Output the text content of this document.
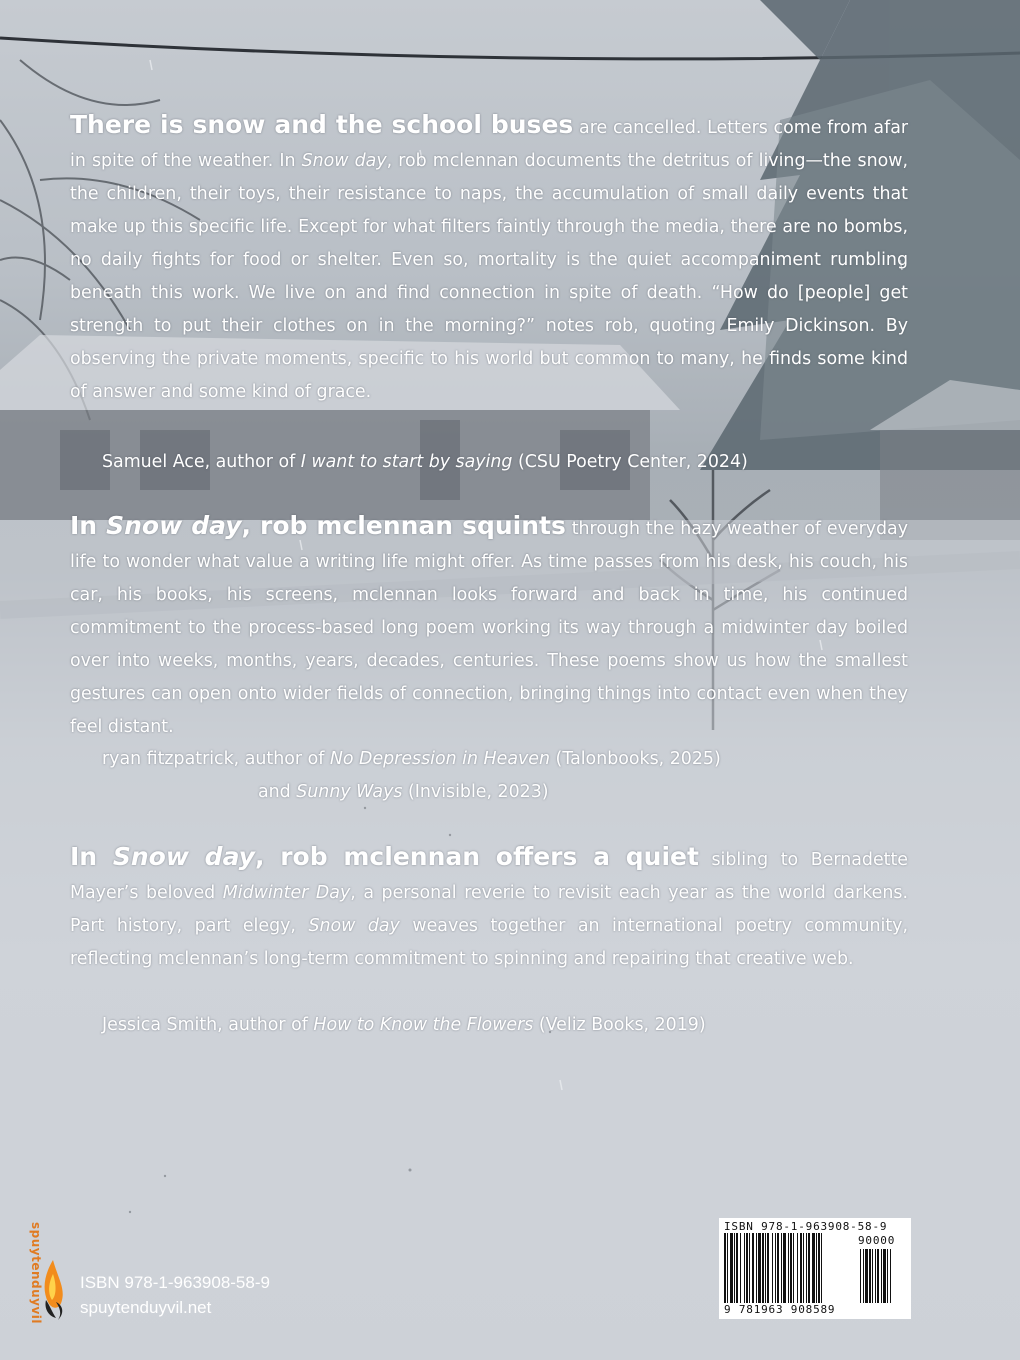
There is snow and the school buses are cancelled. Letters come from afar in spite of the weather. In Snow day, rob mclennan documents the detritus of living—the snow, the children, their toys, their resistance to naps, the accumulation of small daily events that make up this specific life. Except for what filters faintly through the media, there are no bombs, no daily fights for food or shelter. Even so, mortality is the quiet accompaniment rumbling beneath this work. We live on and find connection in spite of death. “How do [people] get strength to put their clothes on in the morning?” notes rob, quoting Emily Dickinson. By observing the private moments, specific to his world but common to many, he finds some kind of answer and some kind of grace.
Samuel Ace, author of I want to start by saying (CSU Poetry Center, 2024)
In Snow day, rob mclennan squints through the hazy weather of everyday life to wonder what value a writing life might offer. As time passes from his desk, his couch, his car, his books, his screens, mclennan looks forward and back in time, his continued commitment to the process-based long poem working its way through a midwinter day boiled over into weeks, months, years, decades, centuries. These poems show us how the smallest gestures can open onto wider fields of connection, bringing things into contact even when they feel distant.
ryan fitzpatrick, author of No Depression in Heaven (Talonbooks, 2025)
and Sunny Ways (Invisible, 2023)
In Snow day, rob mclennan offers a quiet sibling to Bernadette Mayer’s beloved Midwinter Day, a personal reverie to revisit each year as the world darkens. Part history, part elegy, Snow day weaves together an international poetry community, reflecting mclennan’s long-term commitment to spinning and repairing that creative web.
Jessica Smith, author of How to Know the Flowers (Veliz Books, 2019)
spuytenduyvil ISBN 978-1-963908-58-9
spuytenduyvil.net
ISBN 978-1-963908-58-9
90000
9 781963 908589
